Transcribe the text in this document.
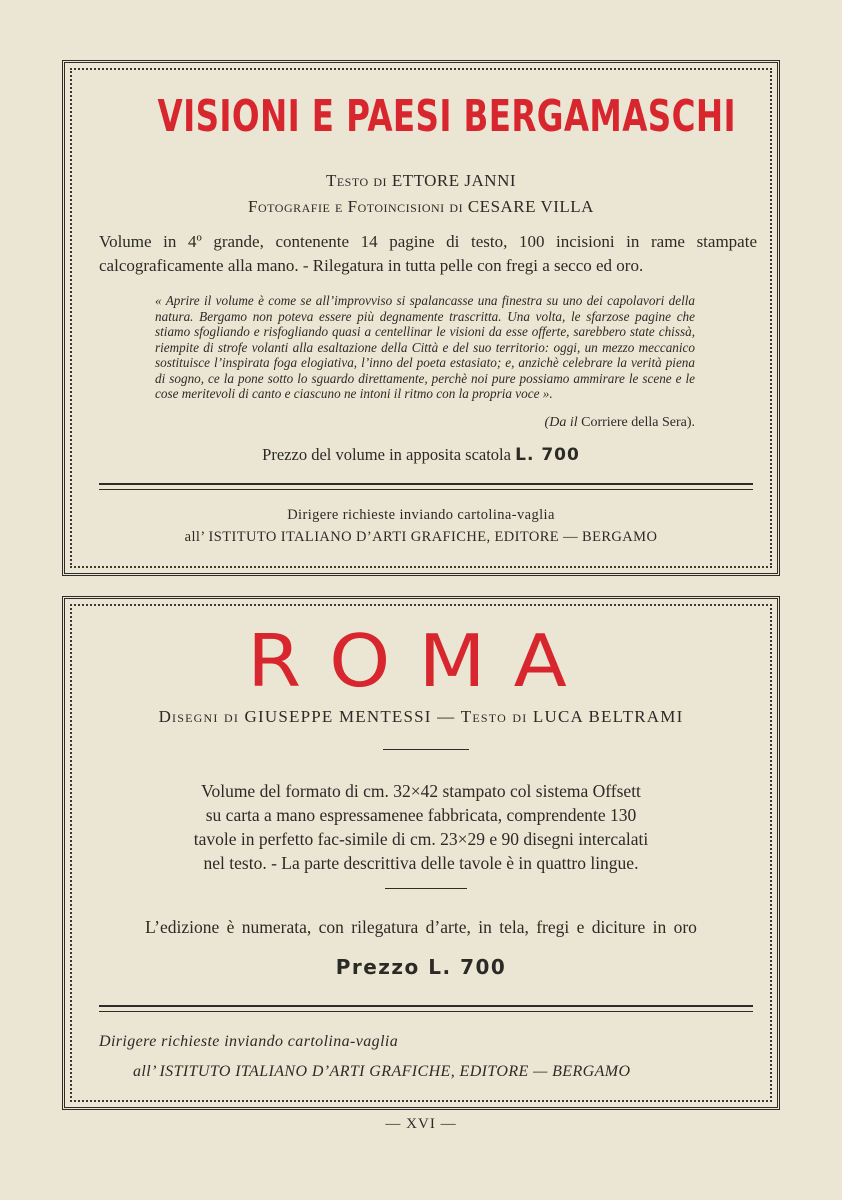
VISIONI E PAESI BERGAMASCHI
Testo di ETTORE JANNI
Fotografie e Fotoincisioni di CESARE VILLA
Volume in 4º grande, contenente 14 pagine di testo, 100 incisioni in rame stampate calcograficamente alla mano. - Rilegatura in tutta pelle con fregi a secco ed oro.
« Aprire il volume è come se all’improvviso si spalancasse una finestra su uno dei capolavori della natura. Bergamo non poteva essere più degnamente trascritta. Una volta, le sfarzose pagine che stiamo sfogliando e risfogliando quasi a centellinar le visioni da esse offerte, sarebbero state chissà, riempite di strofe volanti alla esaltazione della Città e del suo territorio: oggi, un mezzo meccanico sostituisce l’inspirata foga elogiativa, l’inno del poeta estasiato; e, anzichè celebrare la verità piena di sogno, ce la pone sotto lo sguardo direttamente, perchè noi pure possiamo ammirare le scene e le cose meritevoli di canto e ciascuno ne intoni il ritmo con la propria voce ».
(Da il Corriere della Sera).
Prezzo del volume in apposita scatola L. 700
Dirigere richieste inviando cartolina-vaglia
all’ ISTITUTO ITALIANO D’ARTI GRAFICHE, EDITORE — BERGAMO
ROMA
Disegni di GIUSEPPE MENTESSI — Testo di LUCA BELTRAMI
Volume del formato di cm. 32×42 stampato col sistema Offsett
su carta a mano espressamenee fabbricata, comprendente 130
tavole in perfetto fac-simile di cm. 23×29 e 90 disegni intercalati
nel testo. - La parte descrittiva delle tavole è in quattro lingue.
L’edizione è numerata, con rilegatura d’arte, in tela, fregi e diciture in oro
Prezzo L. 700
Dirigere richieste inviando cartolina-vaglia
all’ ISTITUTO ITALIANO D’ARTI GRAFICHE, EDITORE — BERGAMO
— XVI —
